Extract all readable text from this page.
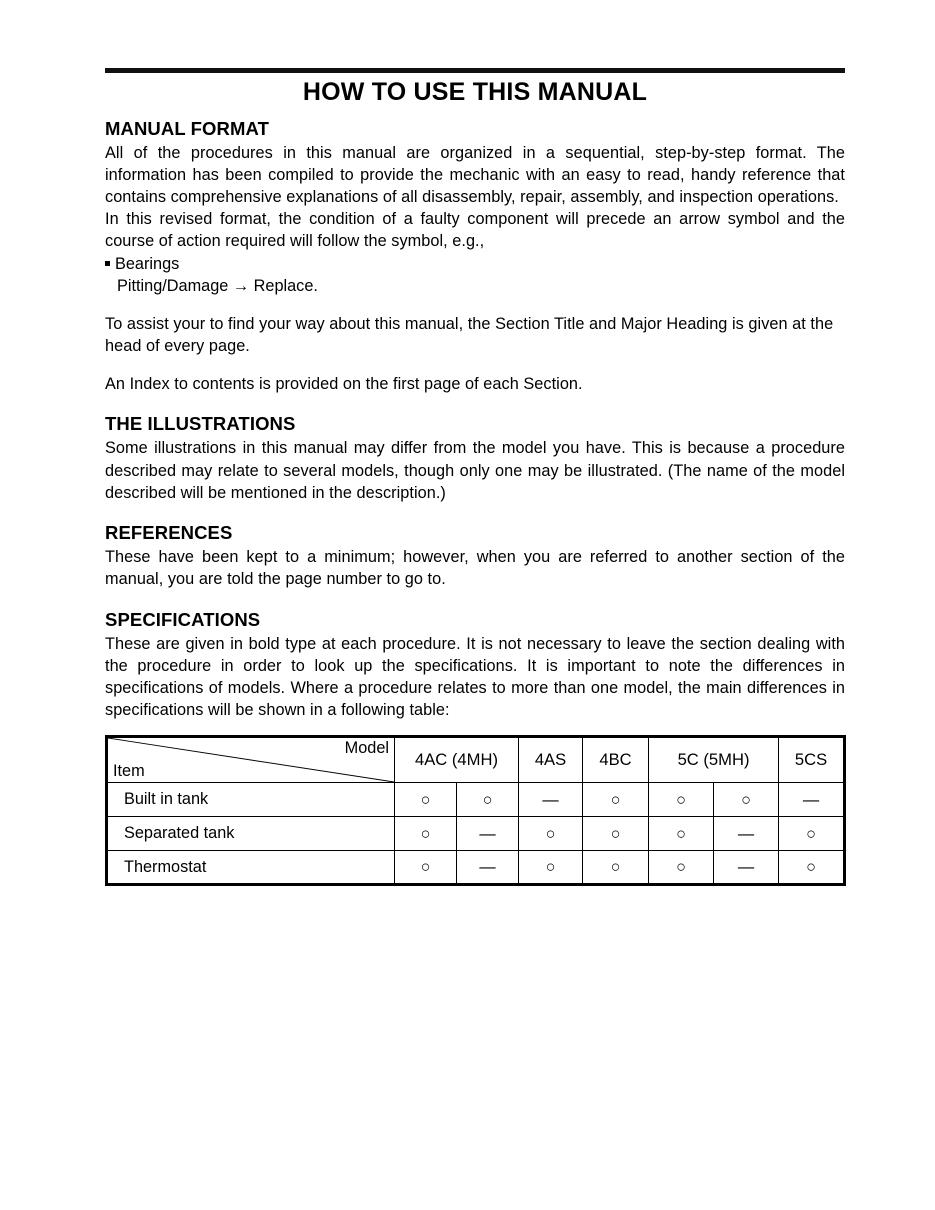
HOW TO USE THIS MANUAL
MANUAL FORMAT

All of the procedures in this manual are organized in a sequential, step-by-step format. The information has been compiled to provide the mechanic with an easy to read, handy reference that contains comprehensive explanations of all disassembly, repair, assembly, and inspection operations.

In this revised format, the condition of a faulty component will precede an arrow symbol and the course of action required will follow the symbol, e.g.,

Bearings
Pitting/Damage → Replace.

To assist your to find your way about this manual, the Section Title and Major Heading is given at the head of every page.

An Index to contents is provided on the first page of each Section.

THE ILLUSTRATIONS

Some illustrations in this manual may differ from the model you have. This is because a procedure described may relate to several models, though only one may be illustrated. (The name of the model described will be mentioned in the description.)

REFERENCES

These have been kept to a minimum; however, when you are referred to another section of the manual, you are told the page number to go to.

SPECIFICATIONS

These are given in bold type at each procedure. It is not necessary to leave the section dealing with the procedure in order to look up the specifications. It is important to note the differences in specifications of models. Where a procedure relates to more than one model, the main differences in specifications will be shown in a following table:

Model
Item	4AC (4MH)		4AS	4BC	5C (5MH)		5CS
Built in tank	○	○	—	○	○	○	—
Separated tank	○	—	○	○	○	—	○
Thermostat	○	—	○	○	○	—	○
